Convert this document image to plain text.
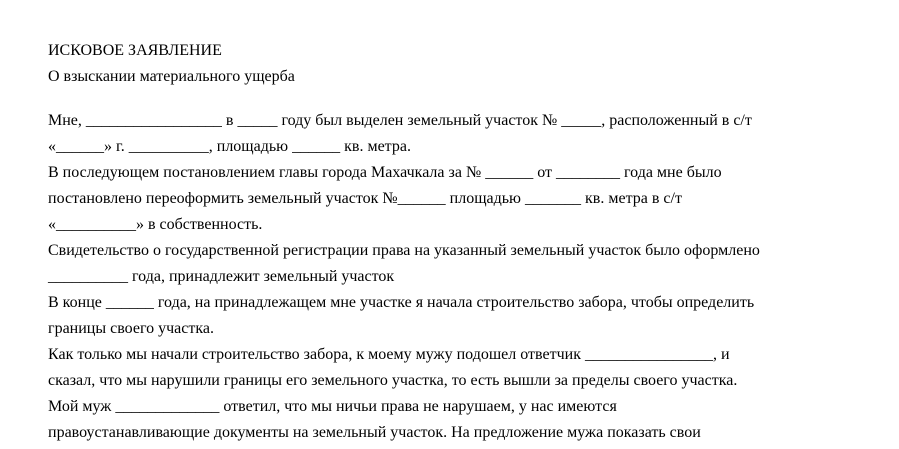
ИСКОВОЕ ЗАЯВЛЕНИЕ
О взыскании материального ущерба
Мне, _________________ в _____ году был выделен земельный участок № _____, расположенный в с/т
«______» г. __________, площадью ______ кв. метра.
В последующем постановлением главы города Махачкала за № ______ от ________ года мне было
постановлено переоформить земельный участок №______ площадью _______ кв. метра в с/т
«__________» в собственность.
Свидетельство о государственной регистрации права на указанный земельный участок было оформлено
__________ года, принадлежит земельный участок
В конце ______ года, на принадлежащем мне участке я начала строительство забора, чтобы определить
границы своего участка.
Как только мы начали строительство забора, к моему мужу подошел ответчик ________________, и
сказал, что мы нарушили границы его земельного участка, то есть вышли за пределы своего участка.
Мой муж _____________ ответил, что мы ничьи права не нарушаем, у нас имеются
правоустанавливающие документы на земельный участок. На предложение мужа показать свои
